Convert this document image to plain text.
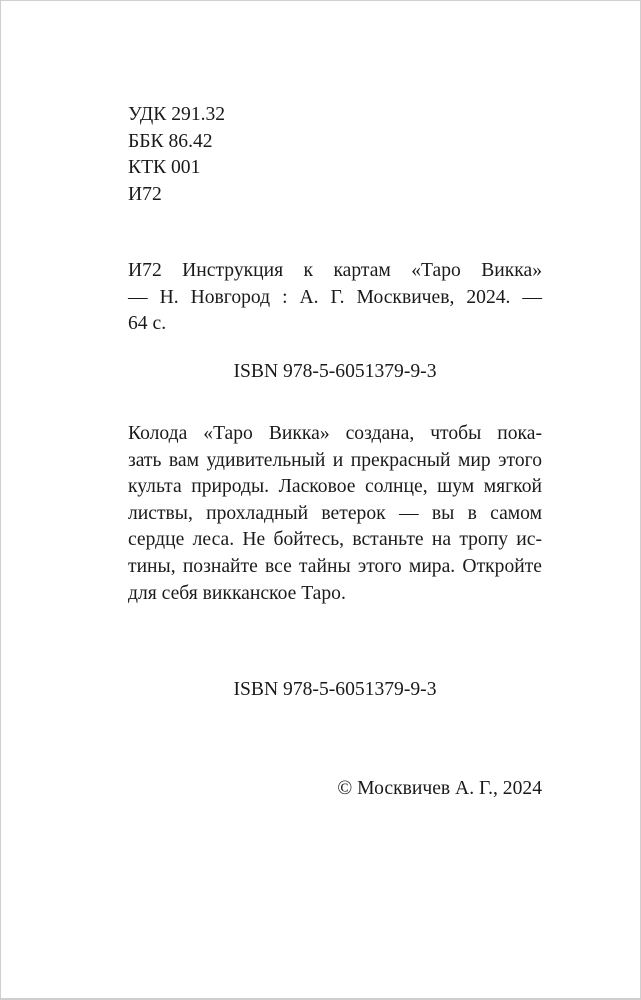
УДК 291.32
ББК 86.42
КТК 001
И72
И72 Инструкция к картам «Таро Викка»
— Н. Новгород : А. Г. Москвичев, 2024. —
64 с.
ISBN 978-5-6051379-9-3
Колода «Таро Викка» создана, чтобы пока-
зать вам удивительный и прекрасный мир этого
культа природы. Ласковое солнце, шум мягкой
листвы, прохладный ветерок — вы в самом
сердце леса. Не бойтесь, встаньте на тропу ис-
тины, познайте все тайны этого мира. Откройте
для себя викканское Таро.
ISBN 978-5-6051379-9-3
© Москвичев А. Г., 2024
